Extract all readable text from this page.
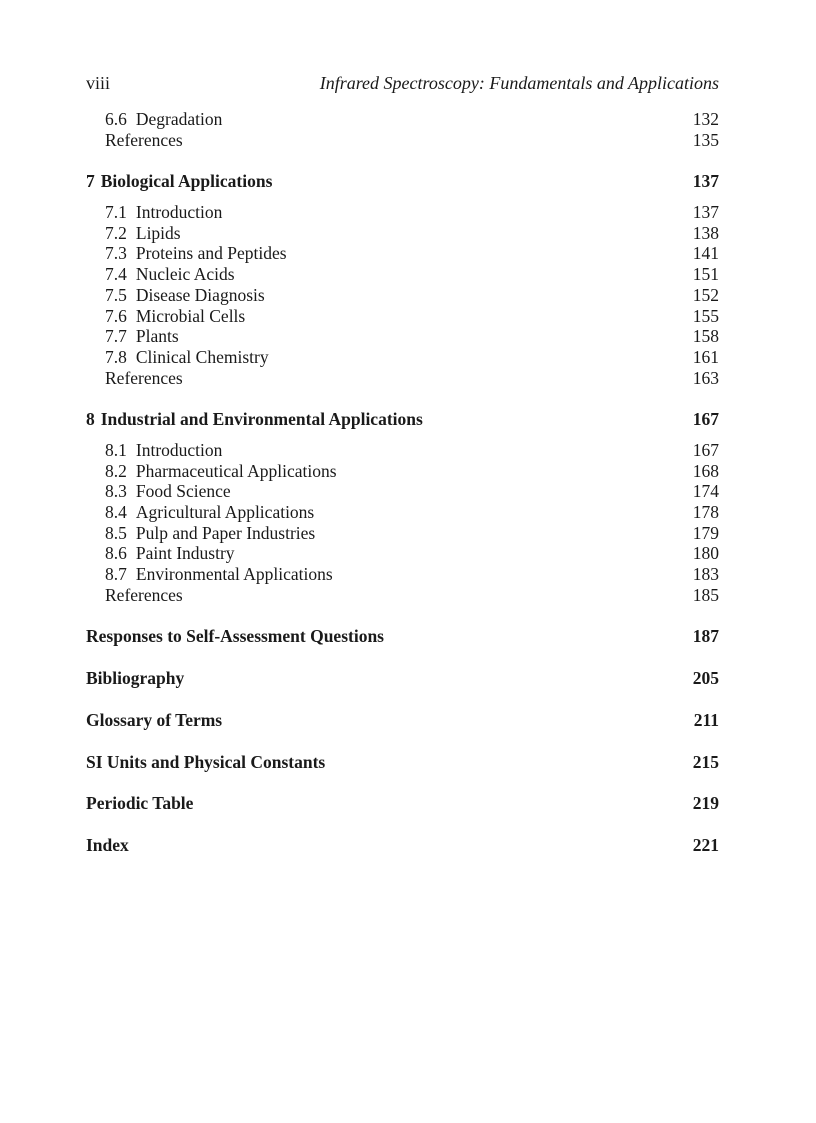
viii	Infrared Spectroscopy: Fundamentals and Applications
6.6 Degradation	132
References	135
7 Biological Applications	137
7.1 Introduction	137
7.2 Lipids	138
7.3 Proteins and Peptides	141
7.4 Nucleic Acids	151
7.5 Disease Diagnosis	152
7.6 Microbial Cells	155
7.7 Plants	158
7.8 Clinical Chemistry	161
References	163
8 Industrial and Environmental Applications	167
8.1 Introduction	167
8.2 Pharmaceutical Applications	168
8.3 Food Science	174
8.4 Agricultural Applications	178
8.5 Pulp and Paper Industries	179
8.6 Paint Industry	180
8.7 Environmental Applications	183
References	185
Responses to Self-Assessment Questions	187
Bibliography	205
Glossary of Terms	211
SI Units and Physical Constants	215
Periodic Table	219
Index	221
